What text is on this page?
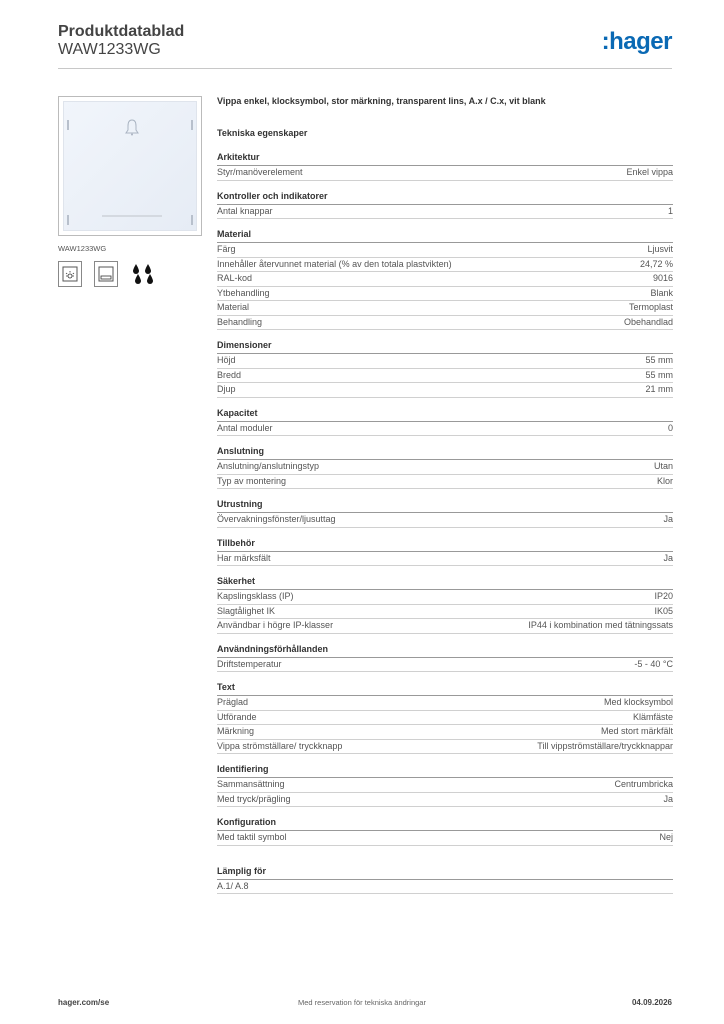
Produktdatablad
WAW1233WG	:hager
WAW1233WG
Vippa enkel, klocksymbol, stor märkning, transparent lins, A.x / C.x, vit blank
Tekniska egenskaper
Arkitektur
Styr/manöverelement	Enkel vippa
Kontroller och indikatorer
Antal knappar	1
Material
Färg	Ljusvit
Innehåller återvunnet material (% av den totala plastvikten)	24,72 %
RAL-kod	9016
Ytbehandling	Blank
Material	Termoplast
Behandling	Obehandlad
Dimensioner
Höjd	55 mm
Bredd	55 mm
Djup	21 mm
Kapacitet
Antal moduler	0
Anslutning
Anslutning/anslutningstyp	Utan
Typ av montering	Klor
Utrustning
Övervakningsfönster/ljusuttag	Ja
Tillbehör
Har märksfält	Ja
Säkerhet
Kapslingsklass (IP)	IP20
Slagtålighet IK	IK05
Användbar i högre IP-klasser	IP44 i kombination med tätningssats
Användningsförhållanden
Driftstemperatur	-5 - 40 °C
Text
Präglad	Med klocksymbol
Utförande	Klämfäste
Märkning	Med stort märkfält
Vippa strömställare/ tryckknapp	Till vippströmställare/tryckknappar
Identifiering
Sammansättning	Centrumbricka
Med tryck/prägling	Ja
Konfiguration
Med taktil symbol	Nej
Lämplig för
A.1/ A.8
hager.com/se	Med reservation för tekniska ändringar	04.09.2026
